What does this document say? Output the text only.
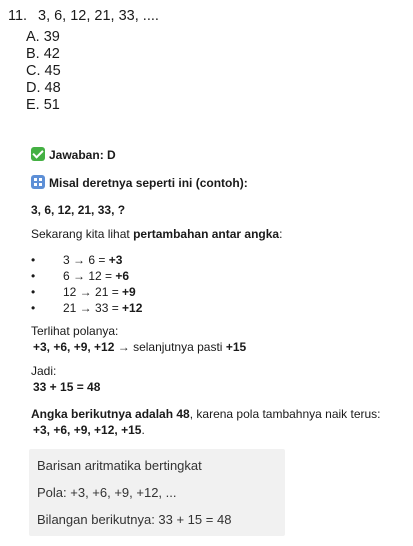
11. 3, 6, 12, 21, 33, ....
A. 39
B. 42
C. 45
D. 48
E. 51
Jawaban: D
Misal deretnya seperti ini (contoh):
3, 6, 12, 21, 33, ?
Sekarang kita lihat pertambahan antar angka:
• 3 → 6 = +3
• 6 → 12 = +6
• 12 → 21 = +9
• 21 → 33 = +12
Terlihat polanya:
+3, +6, +9, +12 → selanjutnya pasti +15
Jadi:
33 + 15 = 48
Angka berikutnya adalah 48, karena pola tambahnya naik terus:
+3, +6, +9, +12, +15.
Barisan aritmatika bertingkat
Pola: +3, +6, +9, +12, ...
Bilangan berikutnya: 33 + 15 = 48
